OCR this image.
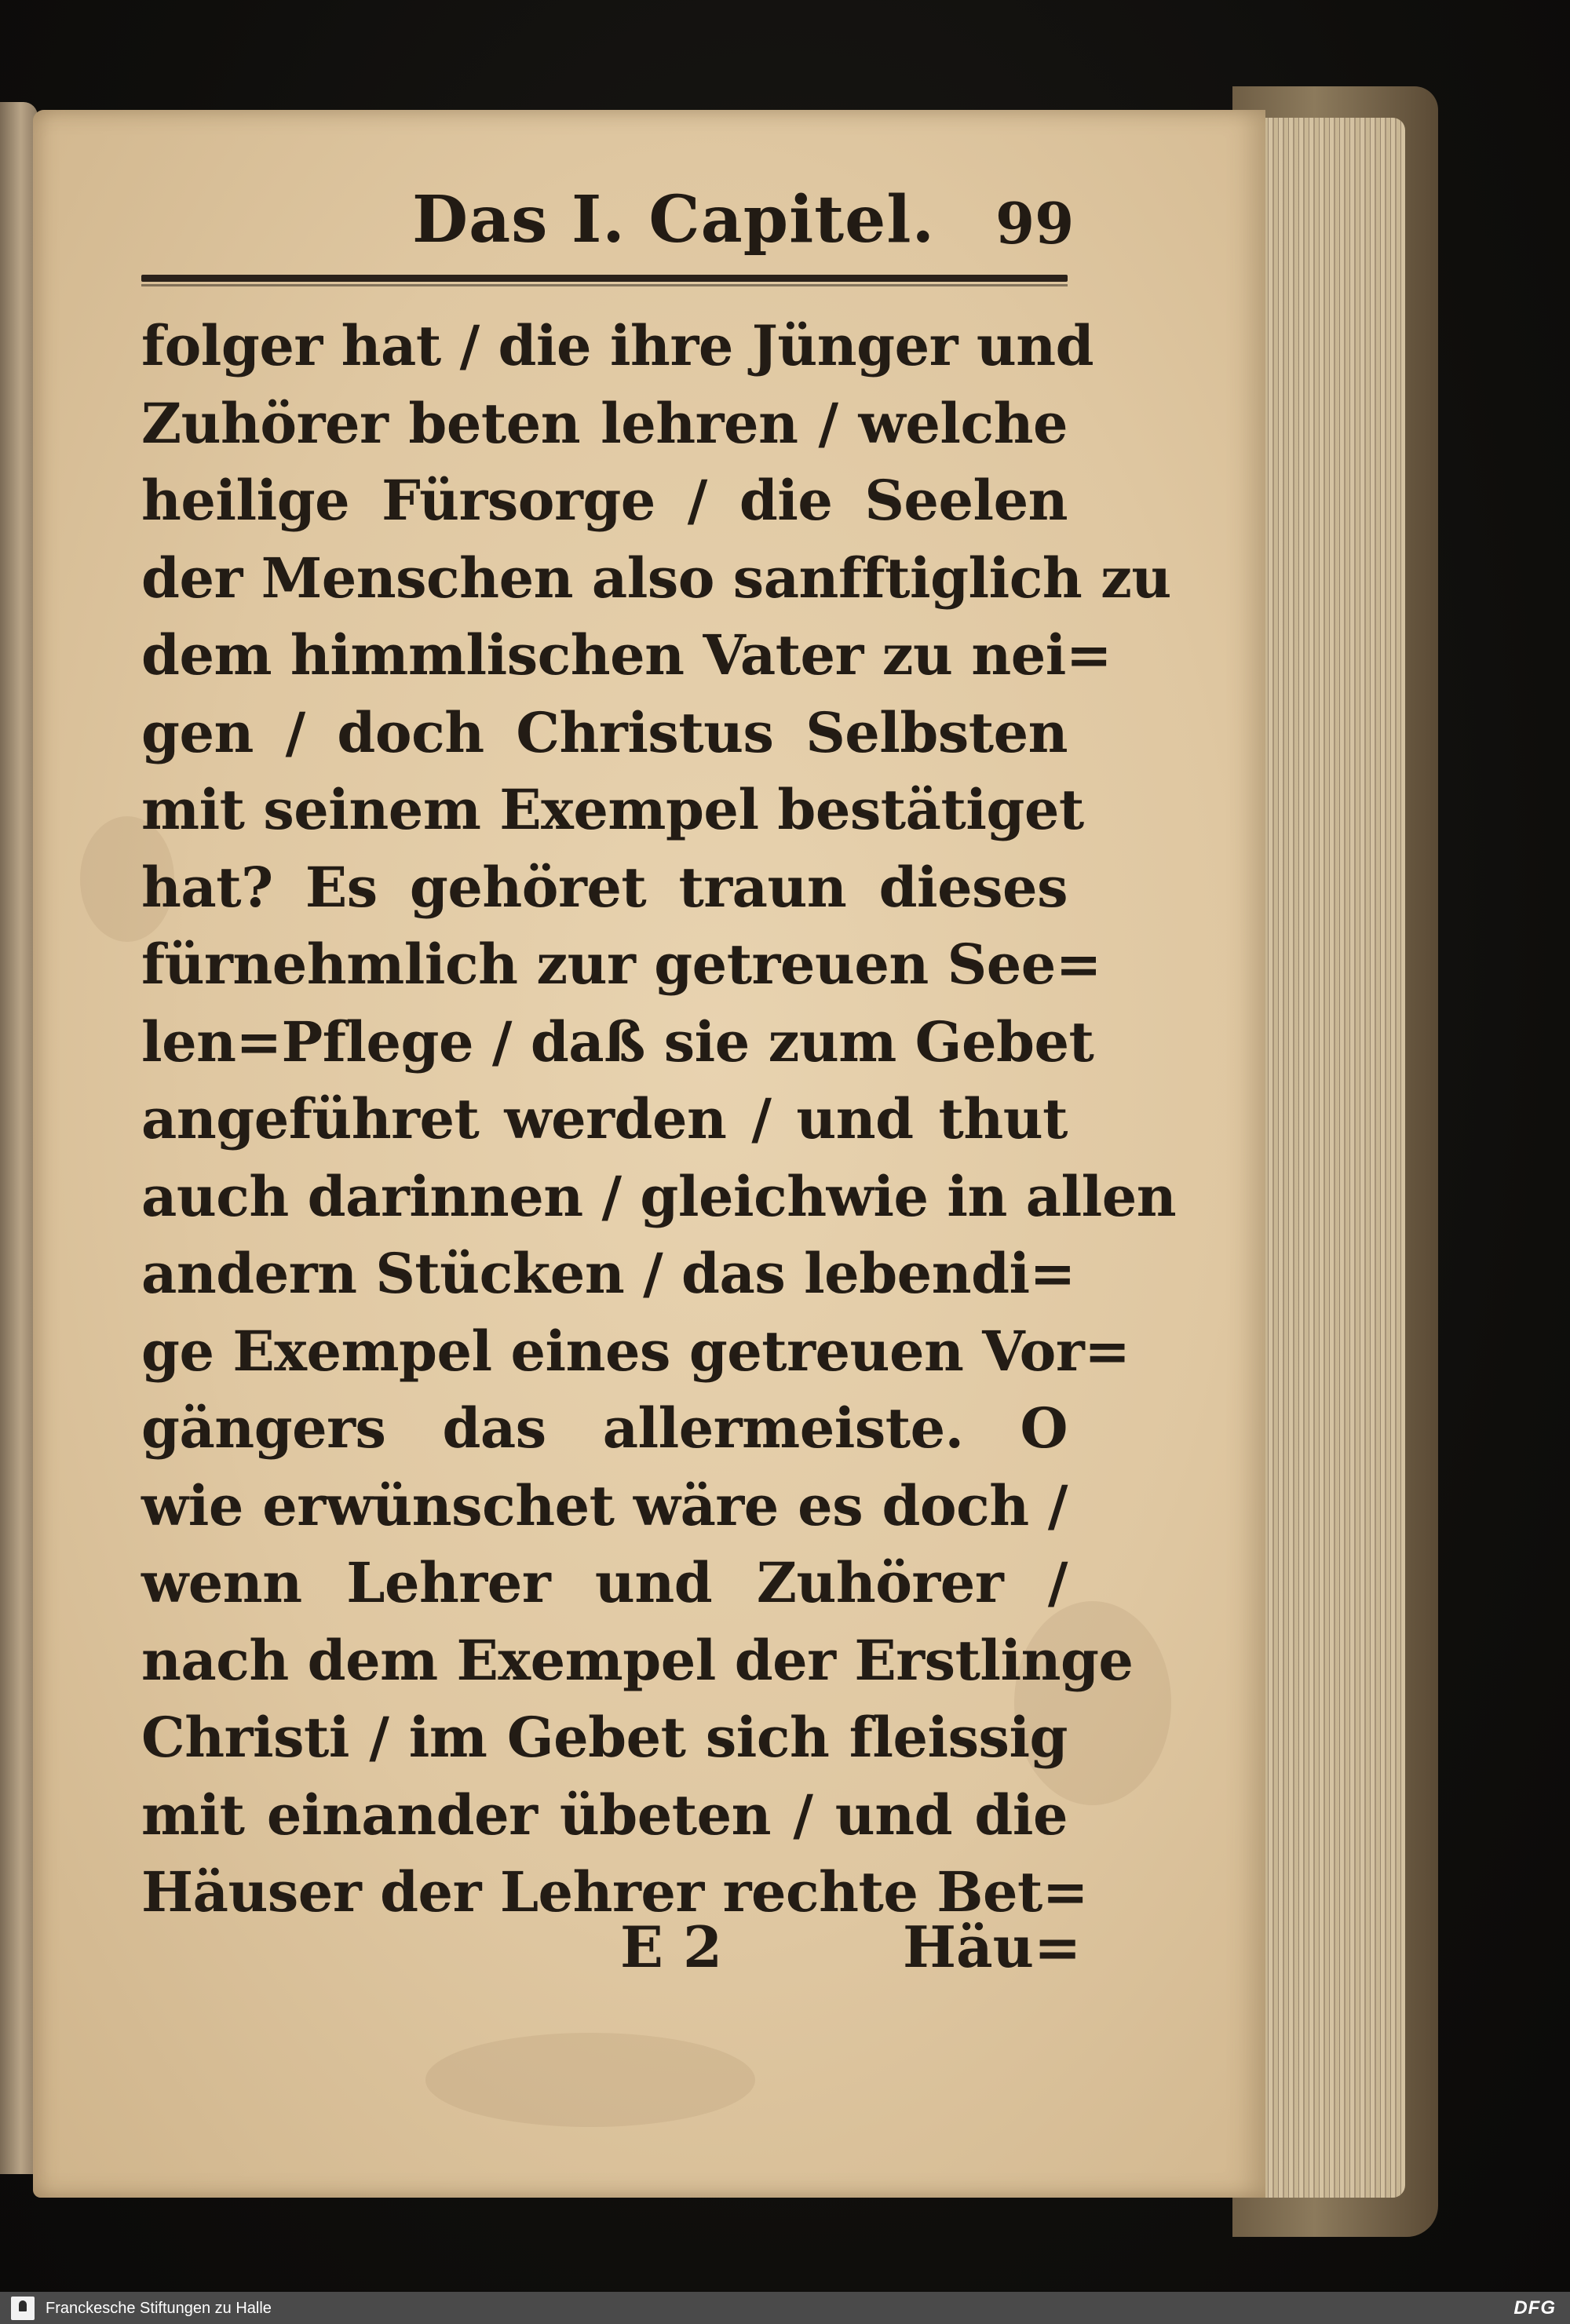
Das I. Capitel. 99
folger hat / die ihre Jünger und
Zuhörer beten lehren / welche
heilige Fürsorge / die Seelen
der Menschen also sanfftiglich zu
dem himmlischen Vater zu nei=
gen / doch Christus Selbsten
mit seinem Exempel bestätiget
hat? Es gehöret traun dieses
fürnehmlich zur getreuen See=
len=Pflege / daß sie zum Gebet
angeführet werden / und thut
auch darinnen / gleichwie in allen
andern Stücken / das lebendi=
ge Exempel eines getreuen Vor=
gängers das allermeiste. O
wie erwünschet wäre es doch /
wenn Lehrer und Zuhörer /
nach dem Exempel der Erstlinge
Christi / im Gebet sich fleissig
mit einander übeten / und die
Häuser der Lehrer rechte Bet=
E 2	Häu=
Franckesche Stiftungen zu Halle	DFG
